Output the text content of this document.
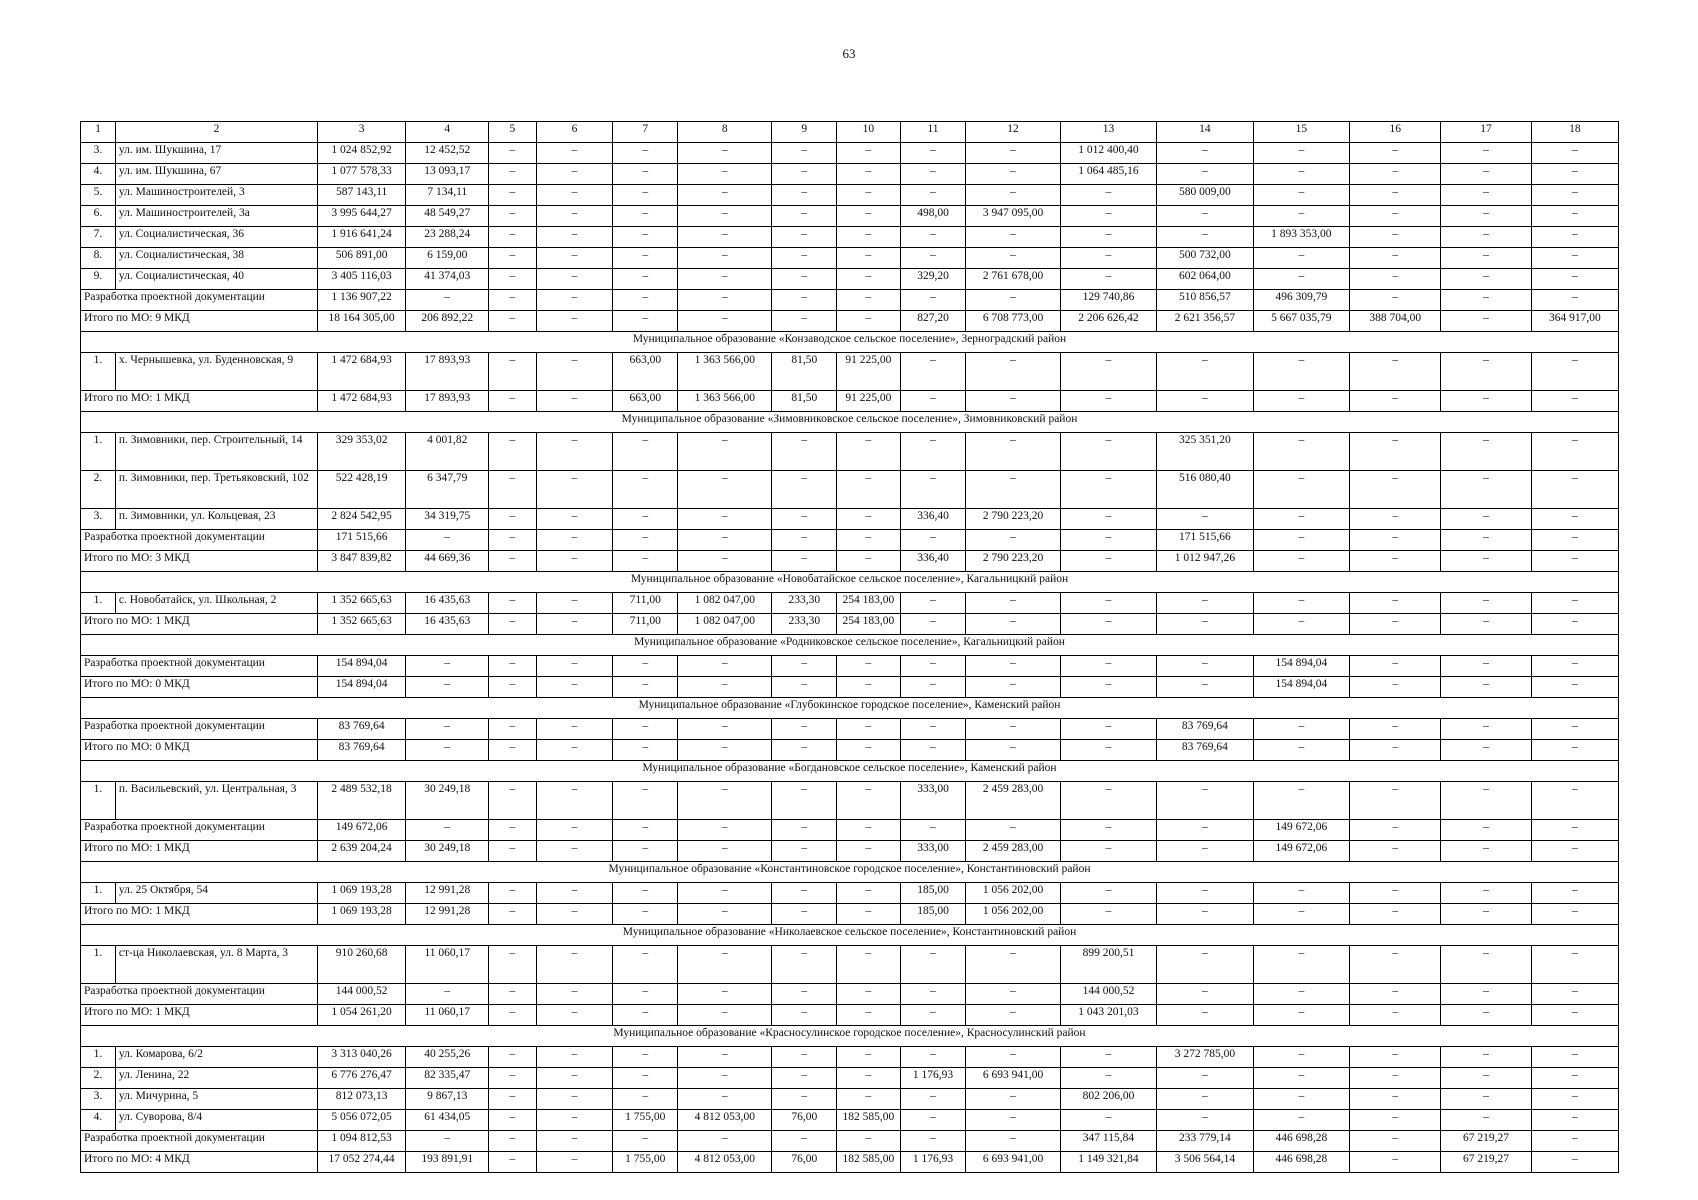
63
1	2	3	4	5	6	7	8	9	10	11	12	13	14	15	16	17	18
3.	ул. им. Шукшина, 17	1 024 852,92	12 452,52	–	–	–	–	–	–	–	–	1 012 400,40	–	–	–	–	–
4.	ул. им. Шукшина, 67	1 077 578,33	13 093,17	–	–	–	–	–	–	–	–	1 064 485,16	–	–	–	–	–
5.	ул. Машиностроителей, 3	587 143,11	7 134,11	–	–	–	–	–	–	–	–	–	580 009,00	–	–	–	–
6.	ул. Машиностроителей, 3а	3 995 644,27	48 549,27	–	–	–	–	–	–	498,00	3 947 095,00	–	–	–	–	–	–
7.	ул. Социалистическая, 36	1 916 641,24	23 288,24	–	–	–	–	–	–	–	–	–	–	1 893 353,00	–	–	–
8.	ул. Социалистическая, 38	506 891,00	6 159,00	–	–	–	–	–	–	–	–	–	500 732,00	–	–	–	–
9.	ул. Социалистическая, 40	3 405 116,03	41 374,03	–	–	–	–	–	–	329,20	2 761 678,00	–	602 064,00	–	–	–	–
Разработка проектной документации		1 136 907,22	–	–	–	–	–	–	–	–	–	129 740,86	510 856,57	496 309,79	–	–	–
Итого по МО: 9 МКД		18 164 305,00	206 892,22	–	–	–	–	–	–	827,20	6 708 773,00	2 206 626,42	2 621 356,57	5 667 035,79	388 704,00	–	364 917,00
Муниципальное образование «Конзаводское сельское поселение», Зерноградский район																	
1.	х. Чернышевка, ул. Буденновская, 9	1 472 684,93	17 893,93	–	–	663,00	1 363 566,00	81,50	91 225,00	–	–	–	–	–	–	–	–
Итого по МО: 1 МКД		1 472 684,93	17 893,93	–	–	663,00	1 363 566,00	81,50	91 225,00	–	–	–	–	–	–	–	–
Муниципальное образование «Зимовниковское сельское поселение», Зимовниковский район																	
1.	п. Зимовники, пер. Строительный, 14	329 353,02	4 001,82	–	–	–	–	–	–	–	–	–	325 351,20	–	–	–	–
2.	п. Зимовники, пер. Третьяковский, 102	522 428,19	6 347,79	–	–	–	–	–	–	–	–	–	516 080,40	–	–	–	–
3.	п. Зимовники, ул. Кольцевая, 23	2 824 542,95	34 319,75	–	–	–	–	–	–	336,40	2 790 223,20	–	–	–	–	–	–
Разработка проектной документации		171 515,66	–	–	–	–	–	–	–	–	–	–	171 515,66	–	–	–	–
Итого по МО: 3 МКД		3 847 839,82	44 669,36	–	–	–	–	–	–	336,40	2 790 223,20	–	1 012 947,26	–	–	–	–
Муниципальное образование «Новобатайское сельское поселение», Кагальницкий район																	
1.	с. Новобатайск, ул. Школьная, 2	1 352 665,63	16 435,63	–	–	711,00	1 082 047,00	233,30	254 183,00	–	–	–	–	–	–	–	–
Итого по МО: 1 МКД		1 352 665,63	16 435,63	–	–	711,00	1 082 047,00	233,30	254 183,00	–	–	–	–	–	–	–	–
Муниципальное образование «Родниковское сельское поселение», Кагальницкий район																	
Разработка проектной документации		154 894,04	–	–	–	–	–	–	–	–	–	–	–	154 894,04	–	–	–
Итого по МО: 0 МКД		154 894,04	–	–	–	–	–	–	–	–	–	–	–	154 894,04	–	–	–
Муниципальное образование «Глубокинское городское поселение», Каменский район																	
Разработка проектной документации		83 769,64	–	–	–	–	–	–	–	–	–	–	83 769,64	–	–	–	–
Итого по МО: 0 МКД		83 769,64	–	–	–	–	–	–	–	–	–	–	83 769,64	–	–	–	–
Муниципальное образование «Богдановское сельское поселение», Каменский район																	
1.	п. Васильевский, ул. Центральная, 3	2 489 532,18	30 249,18	–	–	–	–	–	–	333,00	2 459 283,00	–	–	–	–	–	–
Разработка проектной документации		149 672,06	–	–	–	–	–	–	–	–	–	–	–	149 672,06	–	–	–
Итого по МО: 1 МКД		2 639 204,24	30 249,18	–	–	–	–	–	–	333,00	2 459 283,00	–	–	149 672,06	–	–	–
Муниципальное образование «Константиновское городское поселение», Константиновский район																	
1.	ул. 25 Октября, 54	1 069 193,28	12 991,28	–	–	–	–	–	–	185,00	1 056 202,00	–	–	–	–	–	–
Итого по МО: 1 МКД		1 069 193,28	12 991,28	–	–	–	–	–	–	185,00	1 056 202,00	–	–	–	–	–	–
Муниципальное образование «Николаевское сельское поселение», Константиновский район																	
1.	ст-ца Николаевская, ул. 8 Марта, 3	910 260,68	11 060,17	–	–	–	–	–	–	–	–	899 200,51	–	–	–	–	–
Разработка проектной документации		144 000,52	–	–	–	–	–	–	–	–	–	144 000,52	–	–	–	–	–
Итого по МО: 1 МКД		1 054 261,20	11 060,17	–	–	–	–	–	–	–	–	1 043 201,03	–	–	–	–	–
Муниципальное образование «Красносулинское городское поселение», Красносулинский район																	
1.	ул. Комарова, 6/2	3 313 040,26	40 255,26	–	–	–	–	–	–	–	–	–	3 272 785,00	–	–	–	–
2.	ул. Ленина, 22	6 776 276,47	82 335,47	–	–	–	–	–	–	1 176,93	6 693 941,00	–	–	–	–	–	–
3.	ул. Мичурина, 5	812 073,13	9 867,13	–	–	–	–	–	–	–	–	802 206,00	–	–	–	–	–
4.	ул. Суворова, 8/4	5 056 072,05	61 434,05	–	–	1 755,00	4 812 053,00	76,00	182 585,00	–	–	–	–	–	–	–	–
Разработка проектной документации		1 094 812,53	–	–	–	–	–	–	–	–	–	347 115,84	233 779,14	446 698,28	–	67 219,27	–
Итого по МО: 4 МКД		17 052 274,44	193 891,91	–	–	1 755,00	4 812 053,00	76,00	182 585,00	1 176,93	6 693 941,00	1 149 321,84	3 506 564,14	446 698,28	–	67 219,27	–
